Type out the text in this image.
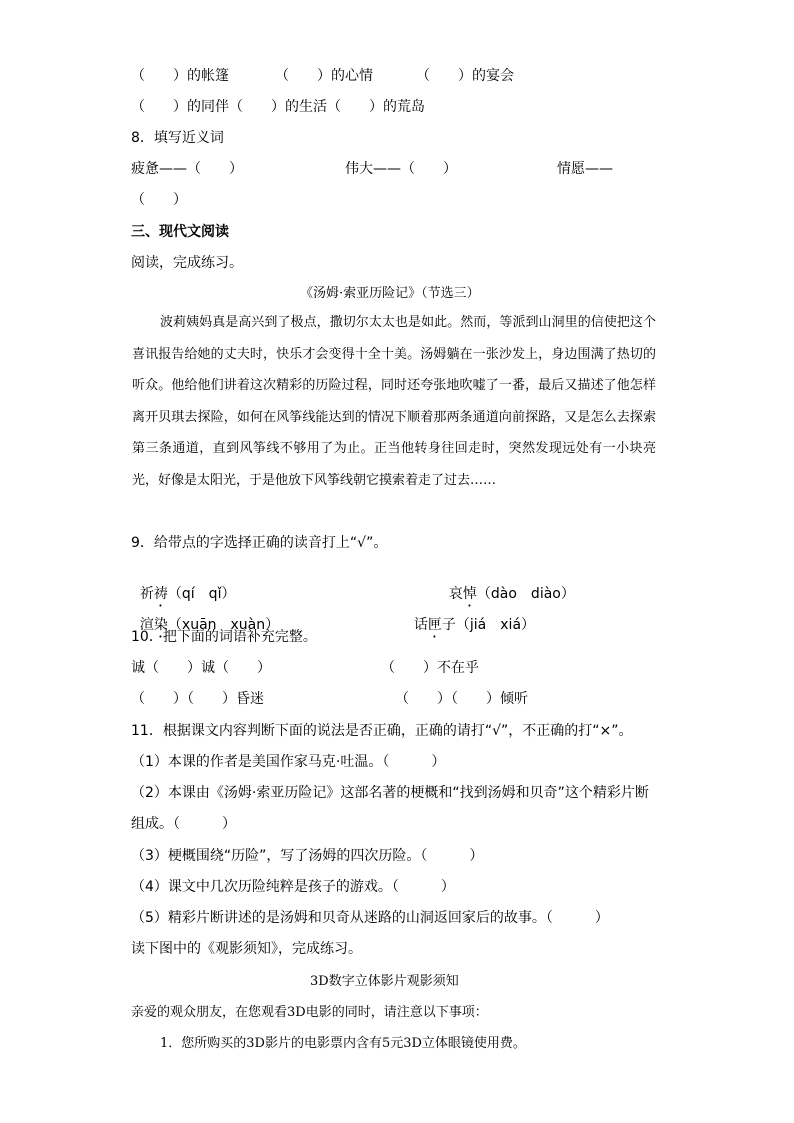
（　　）的帐篷	（　　）的心情	（　　）的宴会
（　　）的同伴（　　）的生活（　　）的荒岛
8．填写近义词
疲惫——（　　）	伟大——（　　）	情愿——
（　　）
三、现代文阅读
阅读，完成练习。
《汤姆·索亚历险记》（节选三）

波莉姨妈真是高兴到了极点，撒切尔太太也是如此。然而，等派到山洞里的信使把这个喜讯报告给她的丈夫时，快乐才会变得十全十美。汤姆躺在一张沙发上，身边围满了热切的听众。他给他们讲着这次精彩的历险过程，同时还夸张地吹嘘了一番，最后又描述了他怎样离开贝琪去探险，如何在风筝线能达到的情况下顺着那两条通道向前探路，又是怎么去探索第三条通道，直到风筝线不够用了为止。正当他转身往回走时，突然发现远处有一小块亮光，好像是太阳光，于是他放下风筝线朝它摸索着走了过去……

9．给带点的字选择正确的读音打上“√”。

祈祷（qí　qǐ）	哀悼（dào　diào）

渲染（xuān　xuàn）	话匣子（jiá　xiá）

10．把下面的词语补充完整。
诚（　　）诚（　　）	（　　）不在乎
（　　）（　　）昏迷	（　　）（　　）倾听
11．根据课文内容判断下面的说法是否正确，正确的请打“√”，不正确的打“×”。
（1）本课的作者是美国作家马克·吐温。（　　　）
（2）本课由《汤姆·索亚历险记》这部名著的梗概和“找到汤姆和贝奇”这个精彩片断
组成。（　　　）
（3）梗概围绕“历险”，写了汤姆的四次历险。（　　　）
（4）课文中几次历险纯粹是孩子的游戏。（　　　）
（5）精彩片断讲述的是汤姆和贝奇从迷路的山洞返回家后的故事。（　　　）
读下图中的《观影须知》，完成练习。
3D数字立体影片观影须知
亲爱的观众朋友，在您观看3D电影的同时，请注意以下事项：
1．您所购买的3D影片的电影票内含有5元3D立体眼镜使用费。
